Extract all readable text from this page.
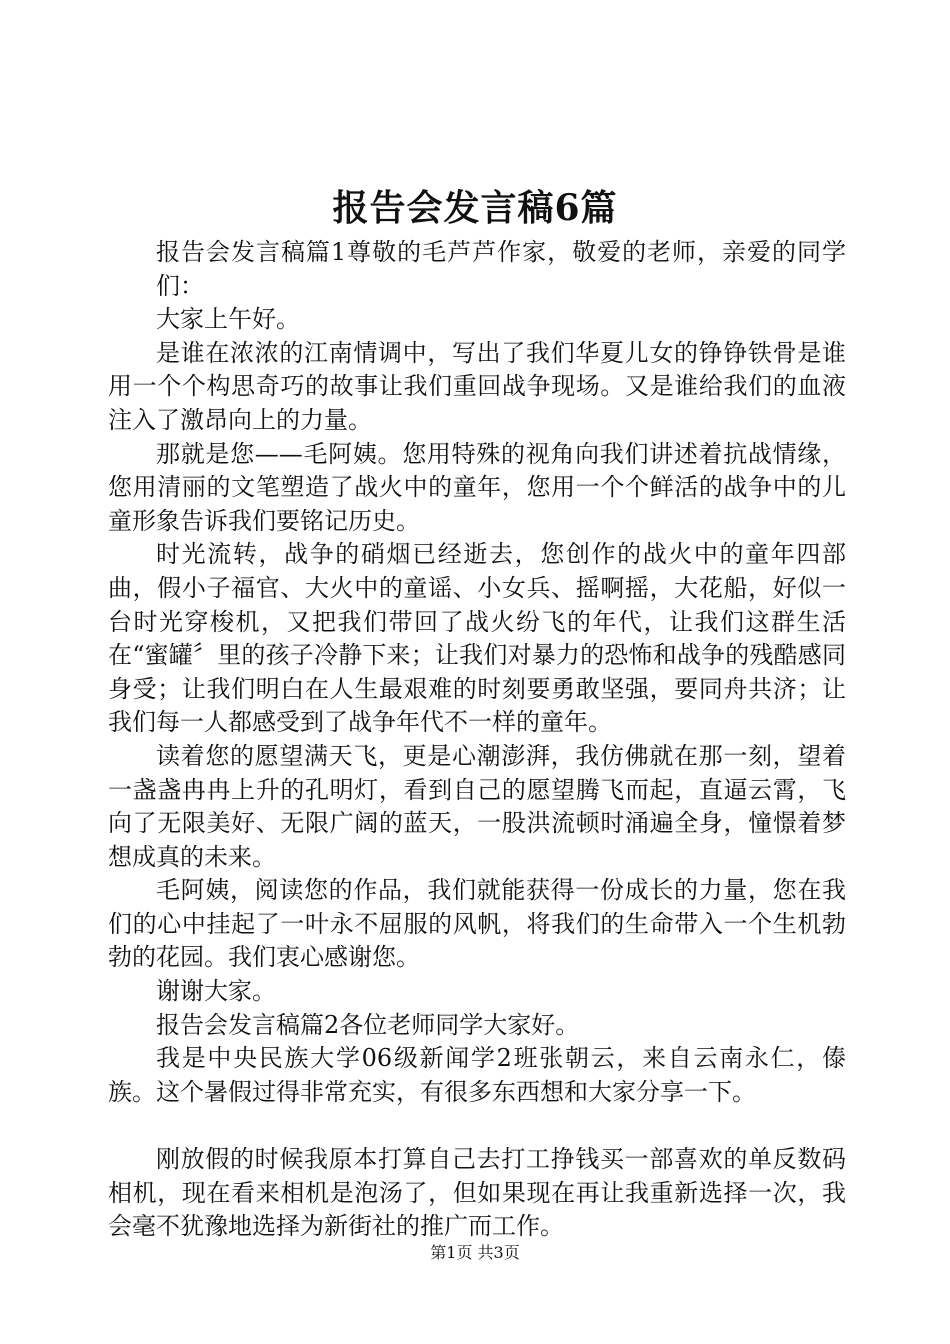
报告会发言稿6篇

报告会发言稿篇1尊敬的毛芦芦作家，敬爱的老师，亲爱的同学们：

大家上午好。

是谁在浓浓的江南情调中，写出了我们华夏儿女的铮铮铁骨是谁用一个个构思奇巧的故事让我们重回战争现场。又是谁给我们的血液注入了激昂向上的力量。

那就是您——毛阿姨。您用特殊的视角向我们讲述着抗战情缘，您用清丽的文笔塑造了战火中的童年，您用一个个鲜活的战争中的儿童形象告诉我们要铭记历史。

时光流转，战争的硝烟已经逝去，您创作的战火中的童年四部曲，假小子福官、大火中的童谣、小女兵、摇啊摇，大花船，好似一台时光穿梭机，又把我们带回了战火纷飞的年代，让我们这群生活在“蜜罐〞里的孩子冷静下来；让我们对暴力的恐怖和战争的残酷感同身受；让我们明白在人生最艰难的时刻要勇敢坚强，要同舟共济；让我们每一人都感受到了战争年代不一样的童年。

读着您的愿望满天飞，更是心潮澎湃，我仿佛就在那一刻，望着一盏盏冉冉上升的孔明灯，看到自己的愿望腾飞而起，直逼云霄，飞向了无限美好、无限广阔的蓝天，一股洪流顿时涌遍全身，憧憬着梦想成真的未来。

毛阿姨，阅读您的作品，我们就能获得一份成长的力量，您在我们的心中挂起了一叶永不屈服的风帆，将我们的生命带入一个生机勃勃的花园。我们衷心感谢您。

谢谢大家。

报告会发言稿篇2各位老师同学大家好。

我是中央民族大学06级新闻学2班张朝云，来自云南永仁，傣族。这个暑假过得非常充实，有很多东西想和大家分享一下。

刚放假的时候我原本打算自己去打工挣钱买一部喜欢的单反数码相机，现在看来相机是泡汤了，但如果现在再让我重新选择一次，我会毫不犹豫地选择为新街社的推广而工作。

第1页 共3页
